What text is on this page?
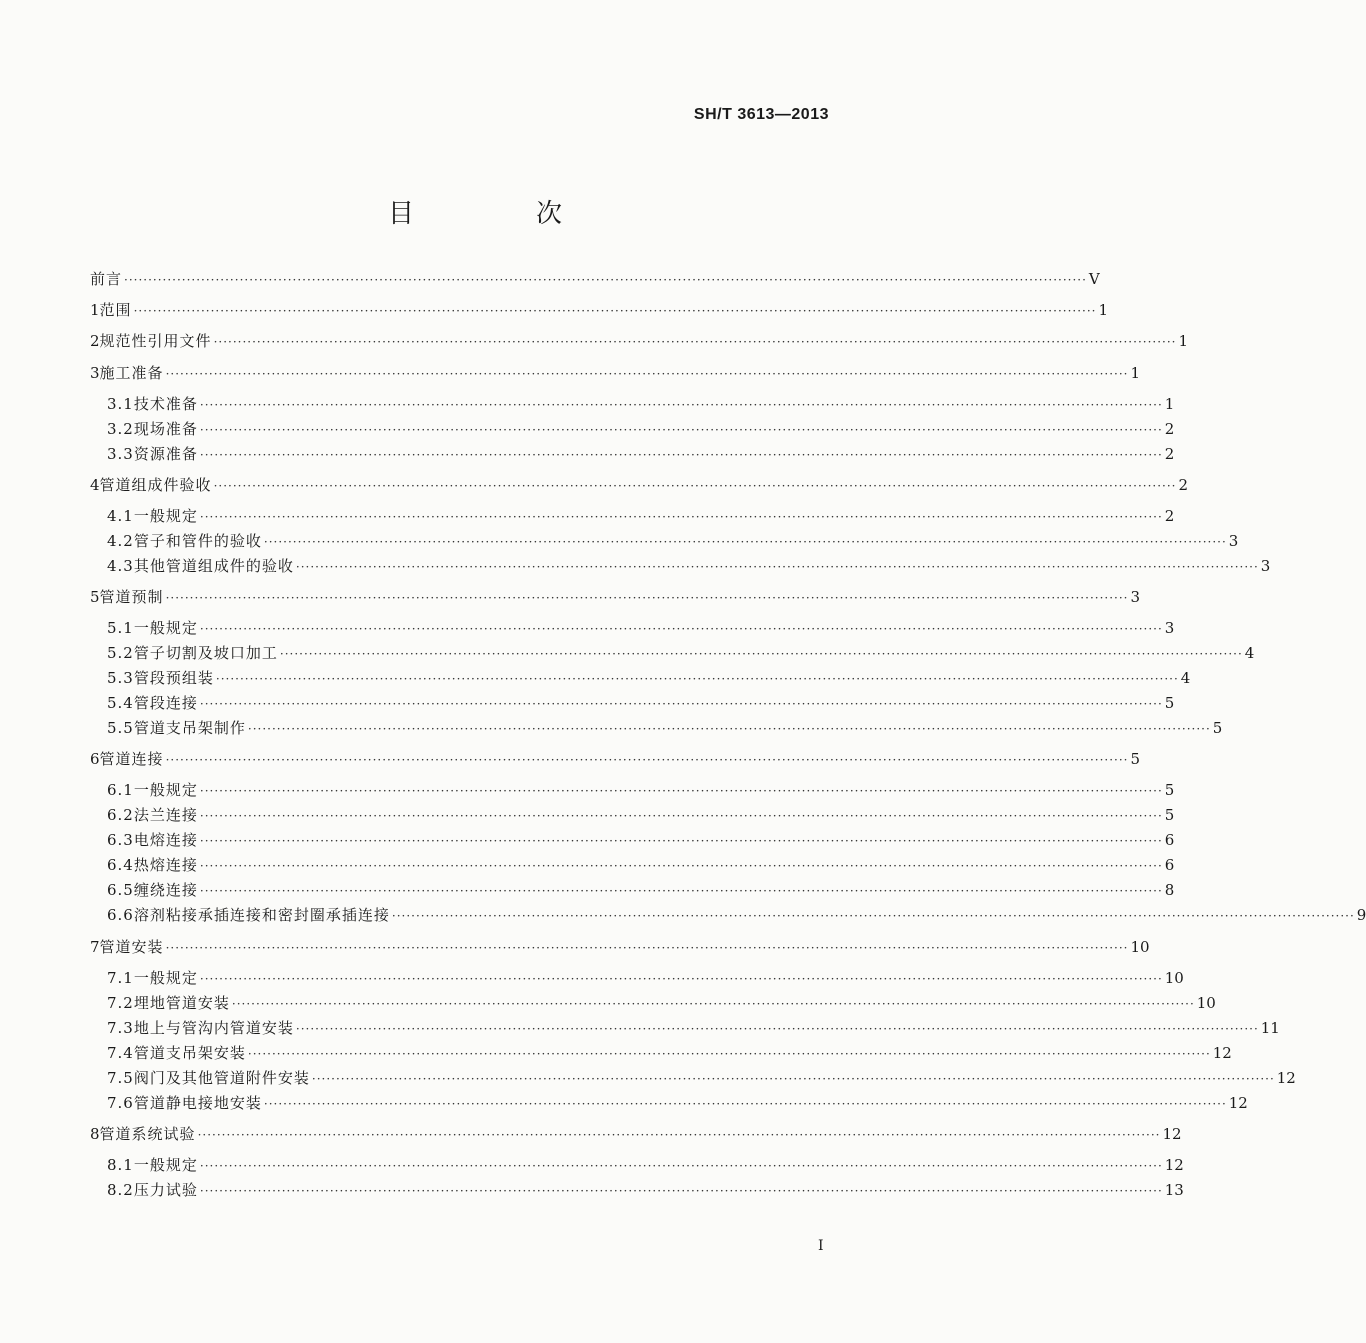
SH/T 3613—2013
目　次
前言 ········································································································································································································ V
1 范围 ········································································································································································································ 1
2 规范性引用文件 ········································································································································································································ 1
3 施工准备 ········································································································································································································ 1
3.1 技术准备 ········································································································································································································ 1
3.2 现场准备 ········································································································································································································ 2
3.3 资源准备 ········································································································································································································ 2
4 管道组成件验收 ········································································································································································································ 2
4.1 一般规定 ········································································································································································································ 2
4.2 管子和管件的验收 ········································································································································································································ 3
4.3 其他管道组成件的验收 ········································································································································································································ 3
5 管道预制 ········································································································································································································ 3
5.1 一般规定 ········································································································································································································ 3
5.2 管子切割及坡口加工 ········································································································································································································ 4
5.3 管段预组装 ········································································································································································································ 4
5.4 管段连接 ········································································································································································································ 5
5.5 管道支吊架制作 ········································································································································································································ 5
6 管道连接 ········································································································································································································ 5
6.1 一般规定 ········································································································································································································ 5
6.2 法兰连接 ········································································································································································································ 5
6.3 电熔连接 ········································································································································································································ 6
6.4 热熔连接 ········································································································································································································ 6
6.5 缠绕连接 ········································································································································································································ 8
6.6 溶剂粘接承插连接和密封圈承插连接 ········································································································································································································ 9
7 管道安装 ········································································································································································································ 10
7.1 一般规定 ········································································································································································································ 10
7.2 埋地管道安装 ········································································································································································································ 10
7.3 地上与管沟内管道安装 ········································································································································································································ 11
7.4 管道支吊架安装 ········································································································································································································ 12
7.5 阀门及其他管道附件安装 ········································································································································································································ 12
7.6 管道静电接地安装 ········································································································································································································ 12
8 管道系统试验 ········································································································································································································ 12
8.1 一般规定 ········································································································································································································ 12
8.2 压力试验 ········································································································································································································ 13
I
